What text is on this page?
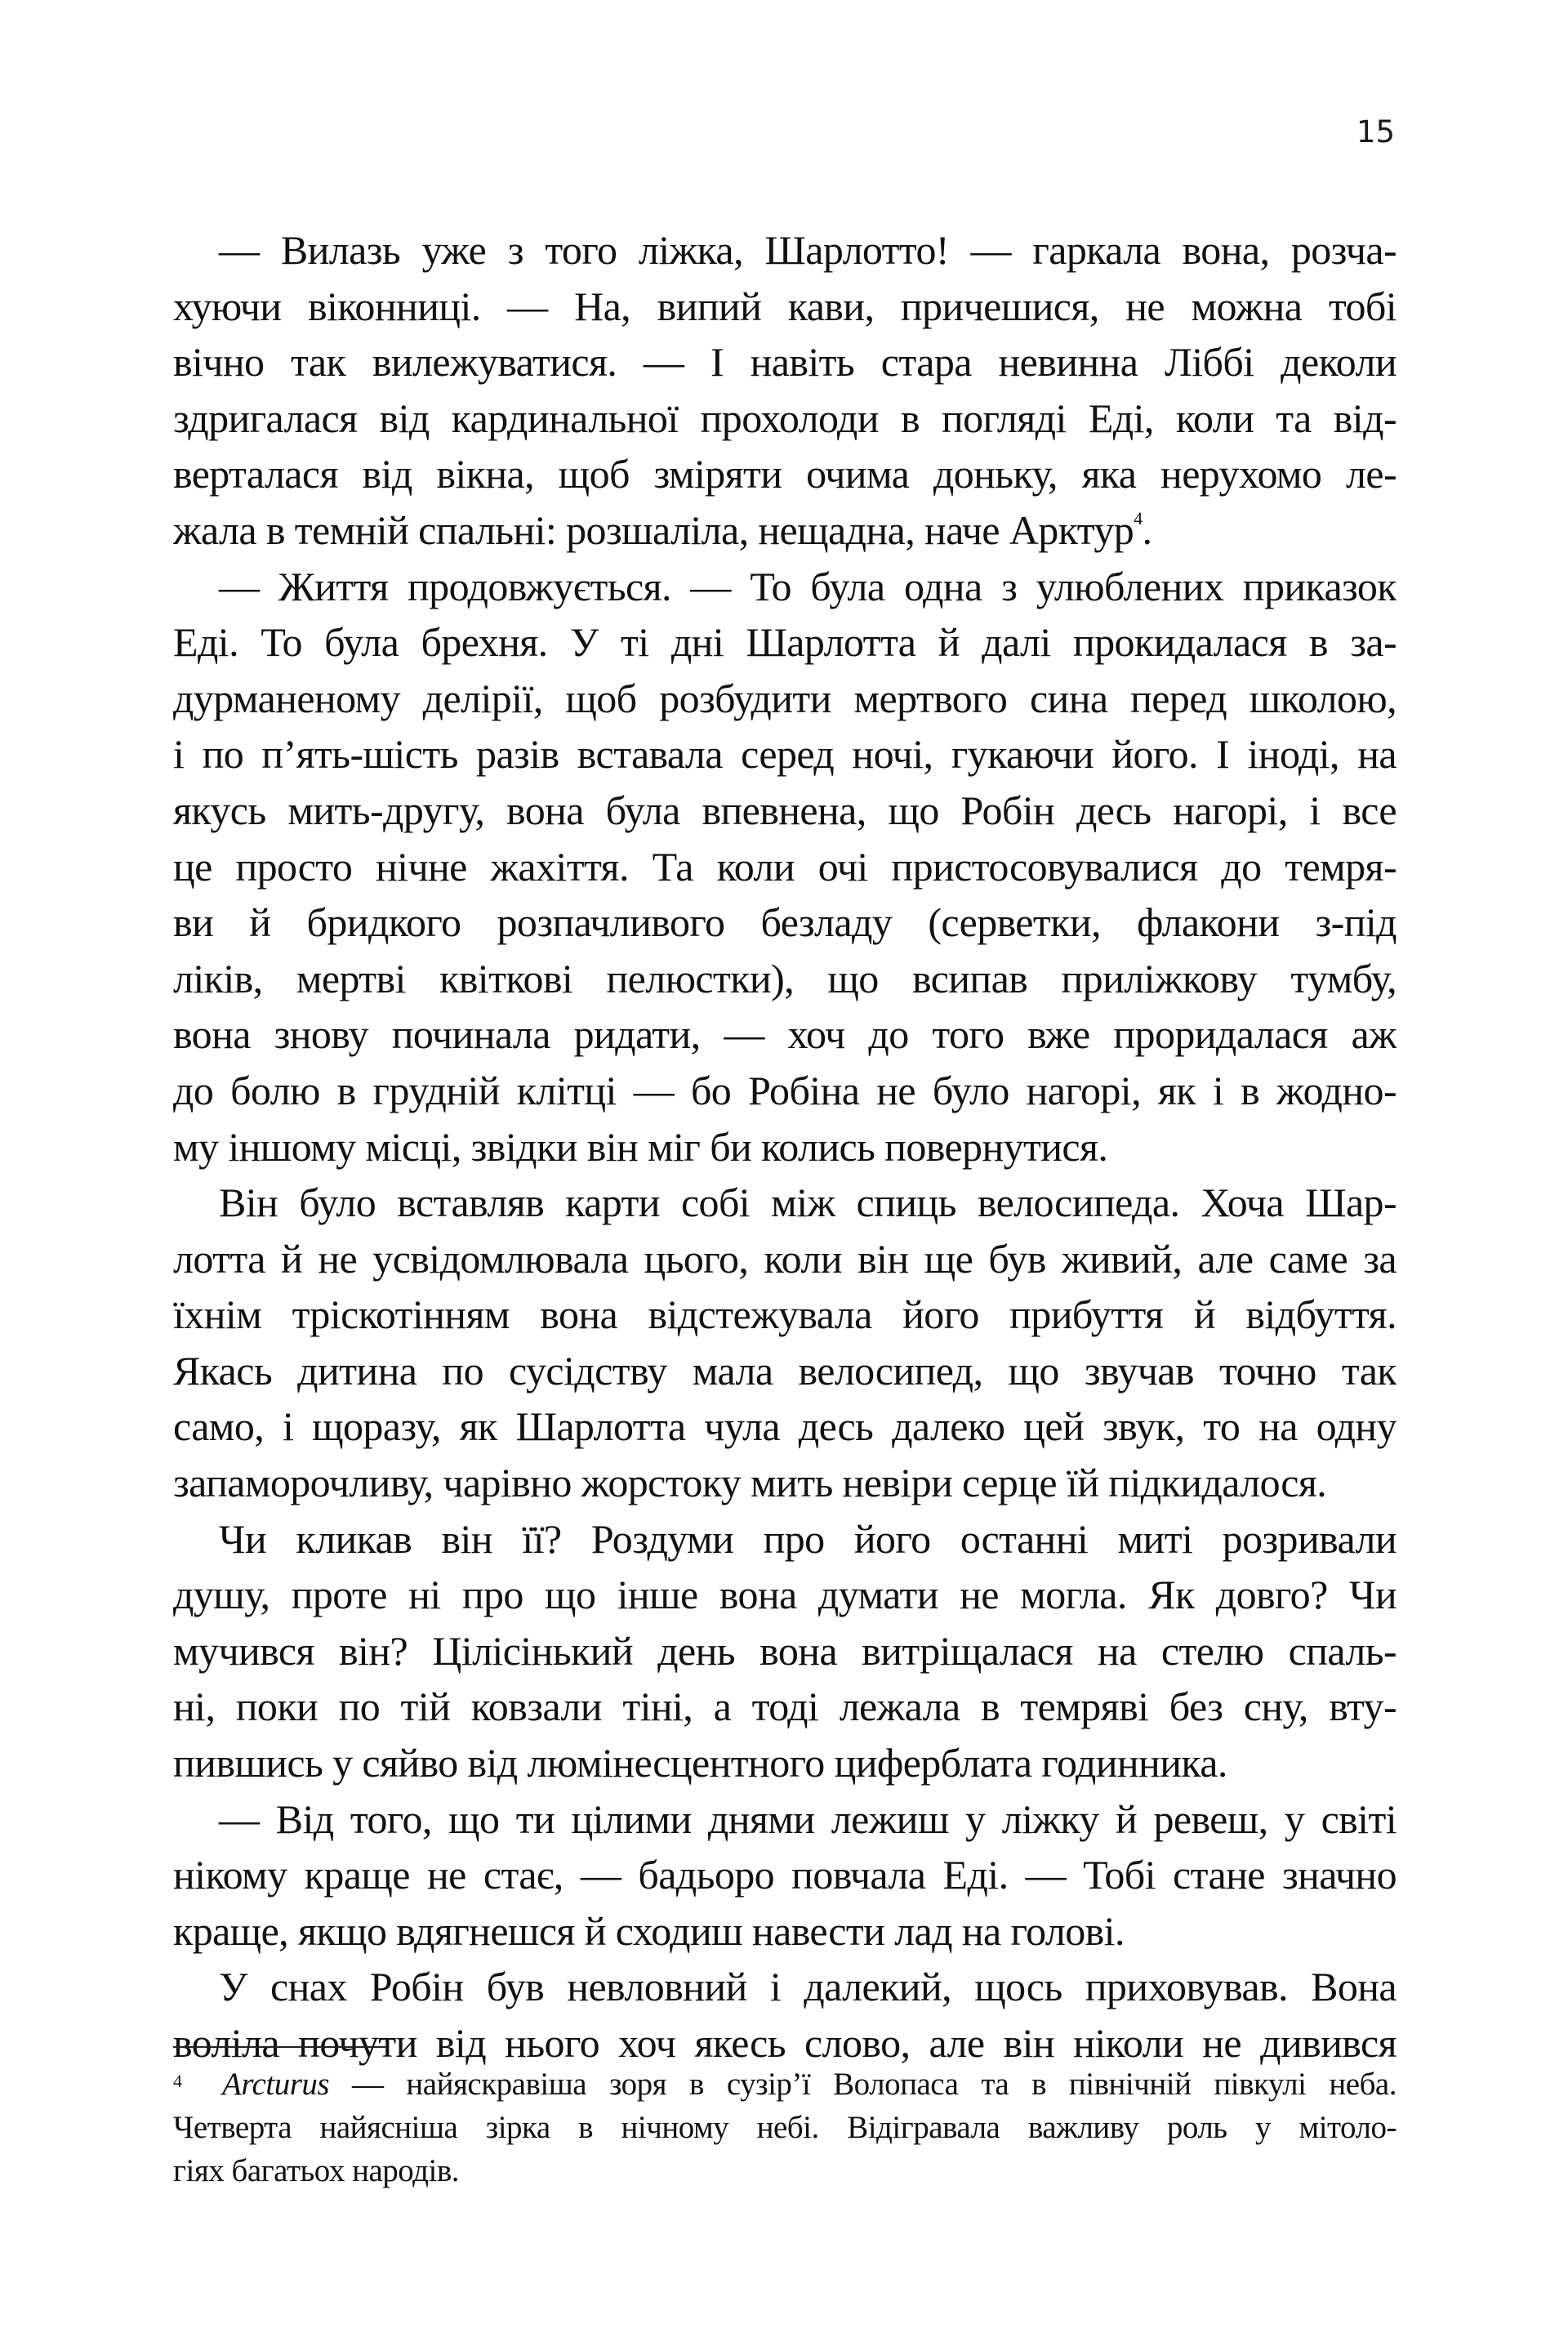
15
— Вилазь уже з того ліжка, Шарлотто! — гаркала вона, розча-
хуючи віконниці. — На, випий кави, причешися, не можна тобі
вічно так вилежуватися. — І навіть стара невинна Ліббі деколи
здригалася від кардинальної прохолоди в погляді Еді, коли та від-
верталася від вікна, щоб зміряти очима доньку, яка нерухомо ле-
жала в темній спальні: розшаліла, нещадна, наче Арктур$^4$.
— Життя продовжується. — То була одна з улюблених приказок
Еді. То була брехня. У ті дні Шарлотта й далі прокидалася в за-
дурманеному делірії, щоб розбудити мертвого сина перед школою,
і по п’ять-шість разів вставала серед ночі, гукаючи його. І іноді, на
якусь мить-другу, вона була впевнена, що Робін десь нагорі, і все
це просто нічне жахіття. Та коли очі пристосовувалися до темря-
ви й бридкого розпачливого безладу (серветки, флакони з-під
ліків, мертві квіткові пелюстки), що всипав приліжкову тумбу,
вона знову починала ридати, — хоч до того вже проридалася аж
до болю в грудній клітці — бо Робіна не було нагорі, як і в жодно-
му іншому місці, звідки він міг би колись повернутися.
Він було вставляв карти собі між спиць велосипеда. Хоча Шар-
лотта й не усвідомлювала цього, коли він ще був живий, але саме за
їхнім тріскотінням вона відстежувала його прибуття й відбуття.
Якась дитина по сусідству мала велосипед, що звучав точно так
само, і щоразу, як Шарлотта чула десь далеко цей звук, то на одну
запаморочливу, чарівно жорстоку мить невіри серце їй підкидалося.
Чи кликав він її? Роздуми про його останні миті розривали
душу, проте ні про що інше вона думати не могла. Як довго? Чи
мучився він? Цілісінький день вона витріщалася на стелю спаль-
ні, поки по тій ковзали тіні, а тоді лежала в темряві без сну, вту-
пившись у сяйво від люмінесцентного циферблата годинника.
— Від того, що ти цілими днями лежиш у ліжку й ревеш, у світі
нікому краще не стає, — бадьоро повчала Еді. — Тобі стане значно
краще, якщо вдягнешся й сходиш навести лад на голові.
У снах Робін був невловний і далекий, щось приховував. Вона
воліла почути від нього хоч якесь слово, але він ніколи не дивився
4 Arcturus — найяскравіша зоря в сузір’ї Волопаса та в північній півкулі неба.
Четверта найясніша зірка в нічному небі. Відігравала важливу роль у мітоло-
гіях багатьох народів.
